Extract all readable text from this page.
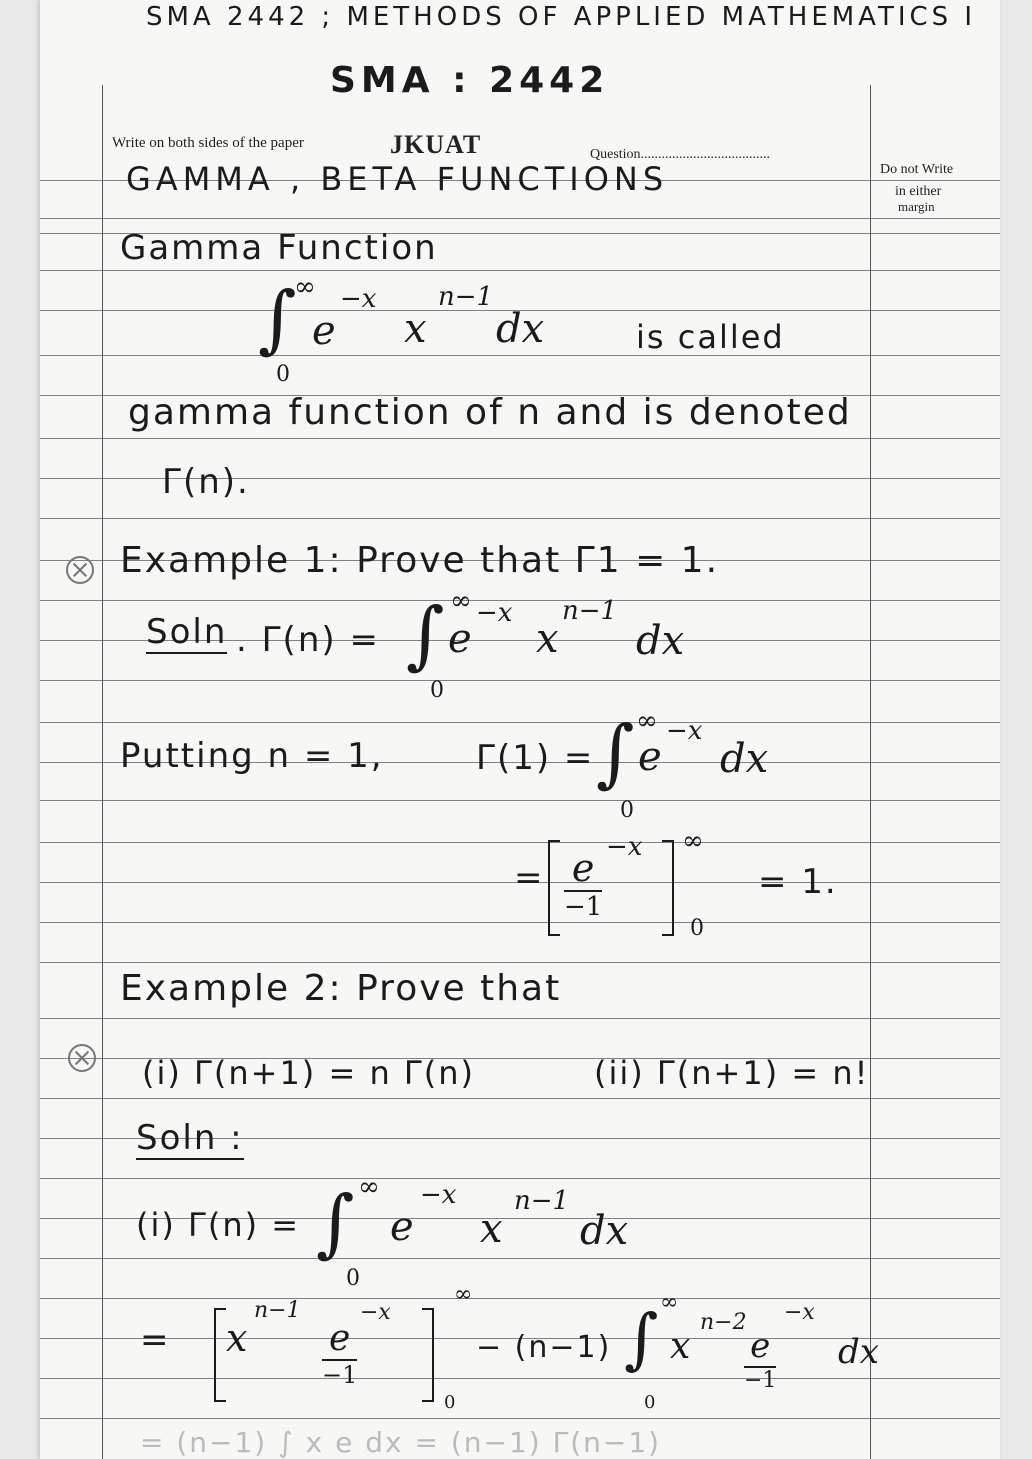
Write on both sides of the paper	JKUAT	Question.....................................
Do not Write
in either
margin
GAMMA , BETA FUNCTIONS
Gamma Function
∫
∞
0
e
−x
x
n−1
dx	is called
gamma function of n and is denoted
Γ(n).
Example 1: Prove that Γ1 = 1.
Soln . Γ(n) = ∫ ∞
0
e
−x
x
n−1
dx
Putting n = 1,	Γ(1) = ∫ ∞
0
e
−x
dx
= e
−1
−x ∞
0
= 1.
Example 2: Prove that
(i) Γ(n+1) = n Γ(n)	(ii) Γ(n+1) = n!
Soln :
(i) Γ(n) = ∫ ∞
0
e
−x
x
n−1
dx
= x
n−1
e
−1
−x
∞
0
− (n−1) ∫ ∞
0
x
n−2
e
−1
−x
dx
= (n−1) ∫ x e dx = (n−1) Γ(n−1)
SMA 2442 ; METHODS OF APPLIED MATHEMATICS I
SMA : 2442
